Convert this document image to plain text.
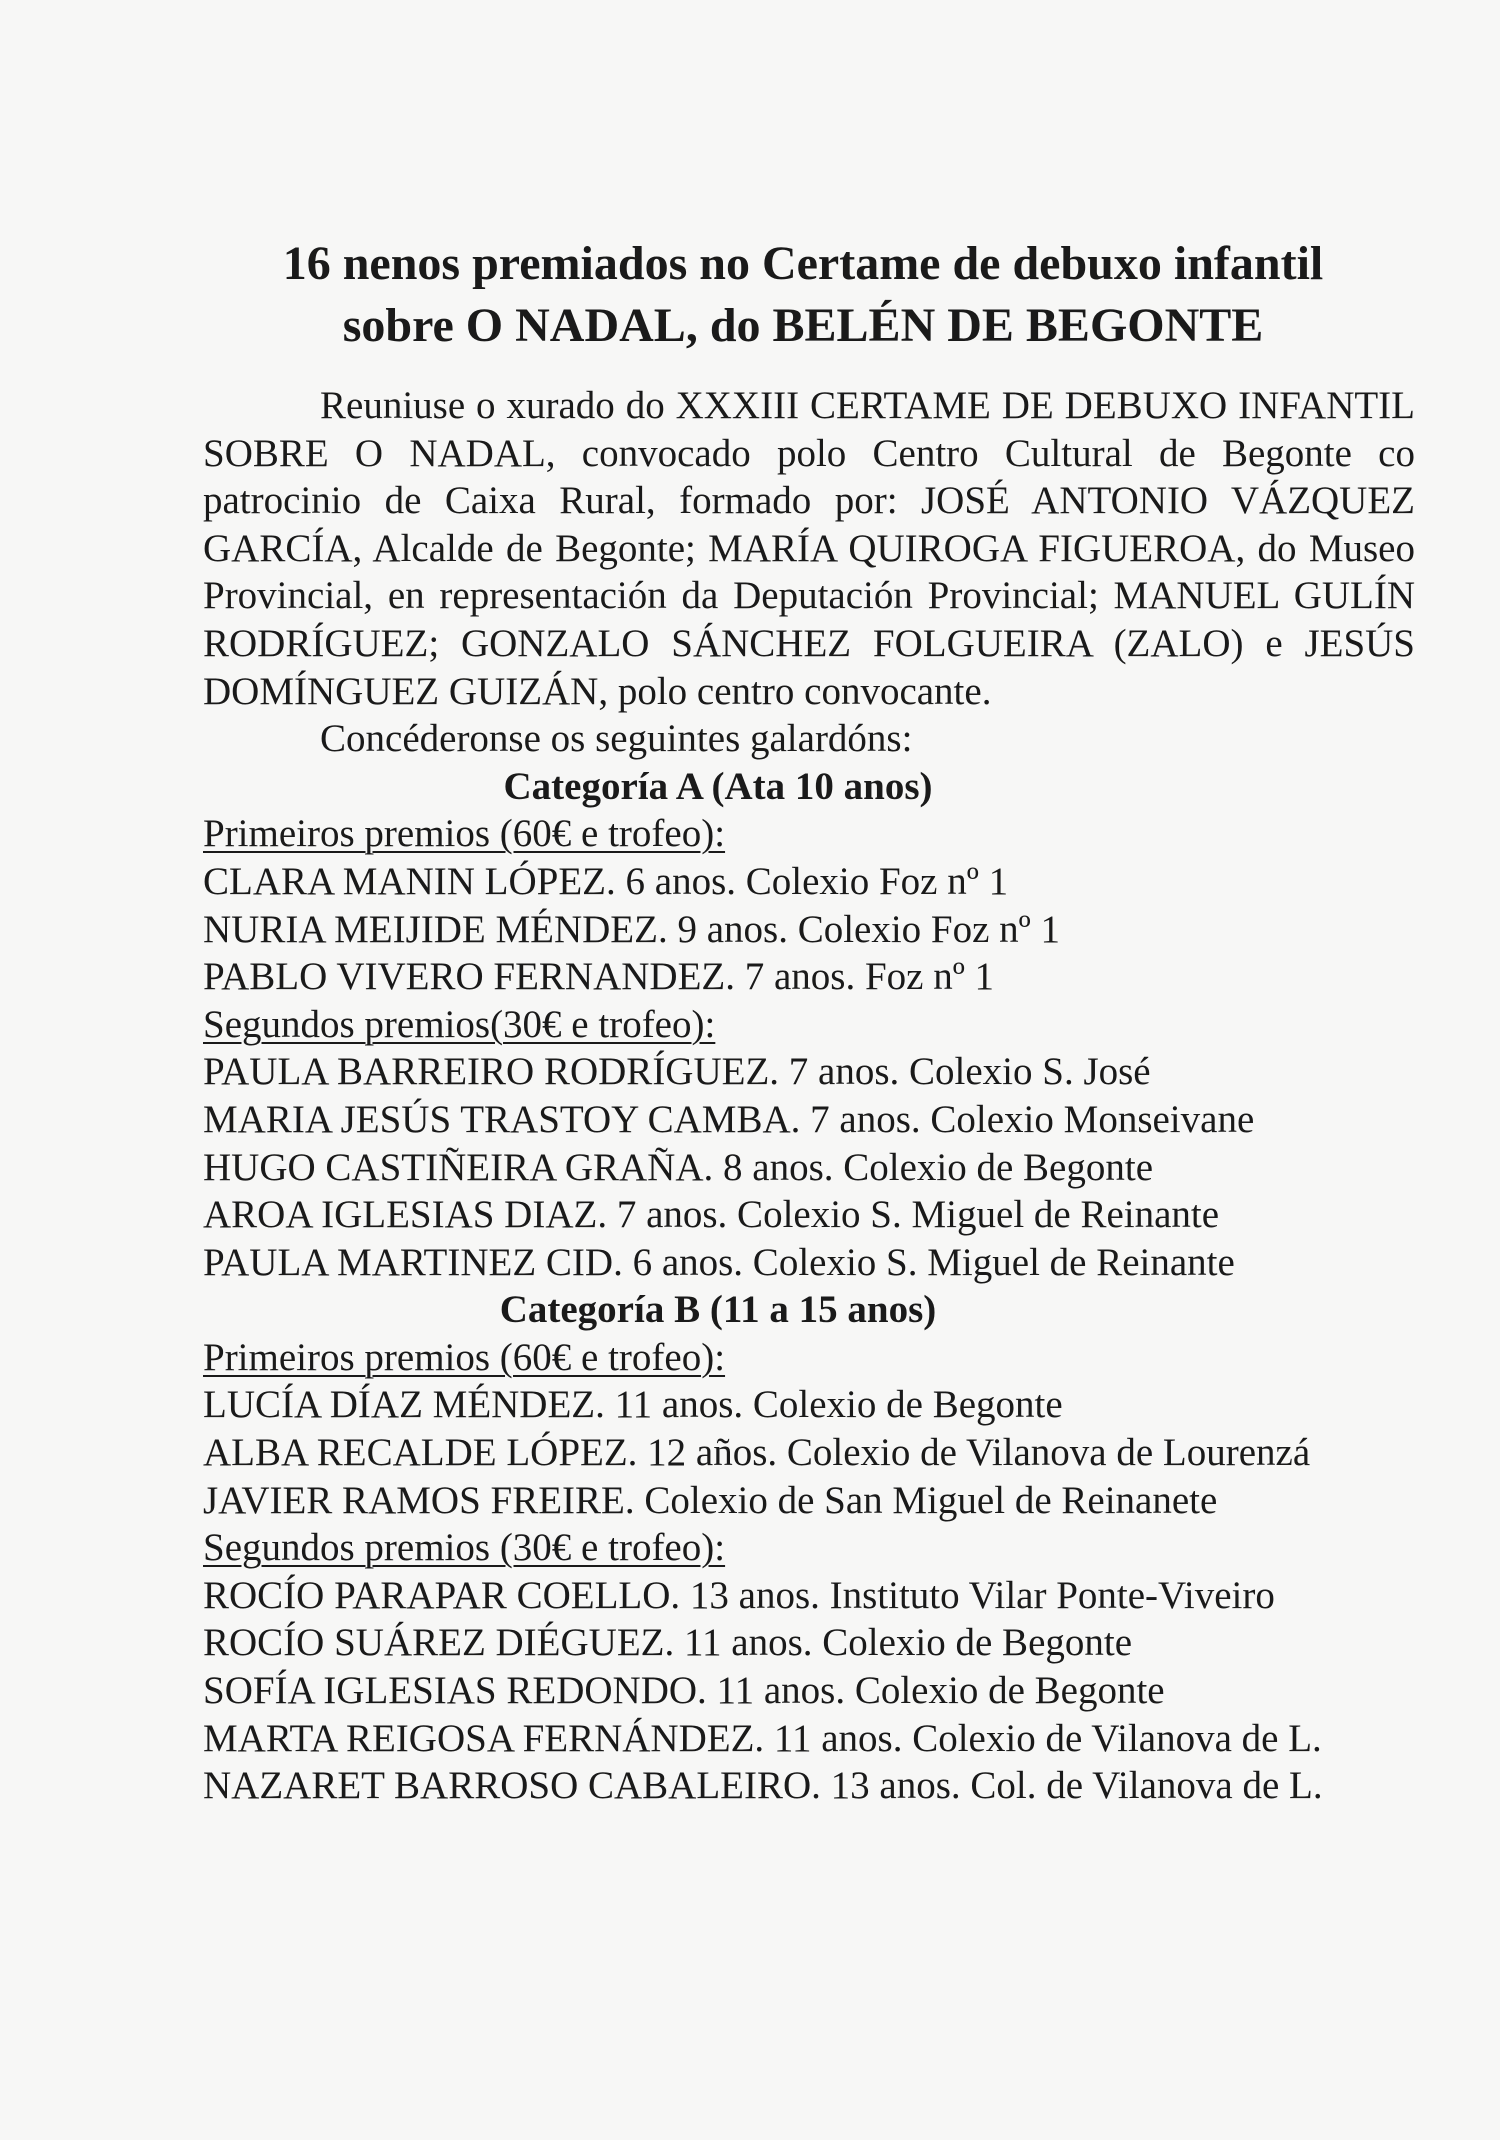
16 nenos premiados no Certame de debuxo infantil
sobre O NADAL, do BELÉN DE BEGONTE

Reuniuse o xurado do XXXIII CERTAME DE DEBUXO INFANTIL SOBRE O NADAL, convocado polo Centro Cultural de Begonte co patrocinio de Caixa Rural, formado por: JOSÉ ANTONIO VÁZQUEZ GARCÍA, Alcalde de Begonte; MARÍA QUIROGA FIGUEROA, do Museo Provincial, en representación da Deputación Provincial; MANUEL GULÍN RODRÍGUEZ; GONZALO SÁNCHEZ FOLGUEIRA (ZALO) e JESÚS DOMÍNGUEZ GUIZÁN, polo centro convocante.

Concéderonse os seguintes galardóns:
Categoría A (Ata 10 anos)
Primeiros premios (60€ e trofeo):
CLARA MANIN LÓPEZ. 6 anos. Colexio Foz nº 1
NURIA MEIJIDE MÉNDEZ. 9 anos. Colexio Foz nº 1
PABLO VIVERO FERNANDEZ. 7 anos. Foz nº 1
Segundos premios(30€ e trofeo):
PAULA BARREIRO RODRÍGUEZ. 7 anos. Colexio S. José
MARIA JESÚS TRASTOY CAMBA. 7 anos. Colexio Monseivane
HUGO CASTIÑEIRA GRAÑA. 8 anos. Colexio de Begonte
AROA IGLESIAS DIAZ. 7 anos. Colexio S. Miguel de Reinante
PAULA MARTINEZ CID. 6 anos. Colexio S. Miguel de Reinante
Categoría B (11 a 15 anos)
Primeiros premios (60€ e trofeo):
LUCÍA DÍAZ MÉNDEZ. 11 anos. Colexio de Begonte
ALBA RECALDE LÓPEZ. 12 años. Colexio de Vilanova de Lourenzá
JAVIER RAMOS FREIRE. Colexio de San Miguel de Reinanete
Segundos premios (30€ e trofeo):
ROCÍO PARAPAR COELLO. 13 anos. Instituto Vilar Ponte-Viveiro
ROCÍO SUÁREZ DIÉGUEZ. 11 anos. Colexio de Begonte
SOFÍA IGLESIAS REDONDO. 11 anos. Colexio de Begonte
MARTA REIGOSA FERNÁNDEZ. 11 anos. Colexio de Vilanova de L.
NAZARET BARROSO CABALEIRO. 13 anos. Col. de Vilanova de L.
